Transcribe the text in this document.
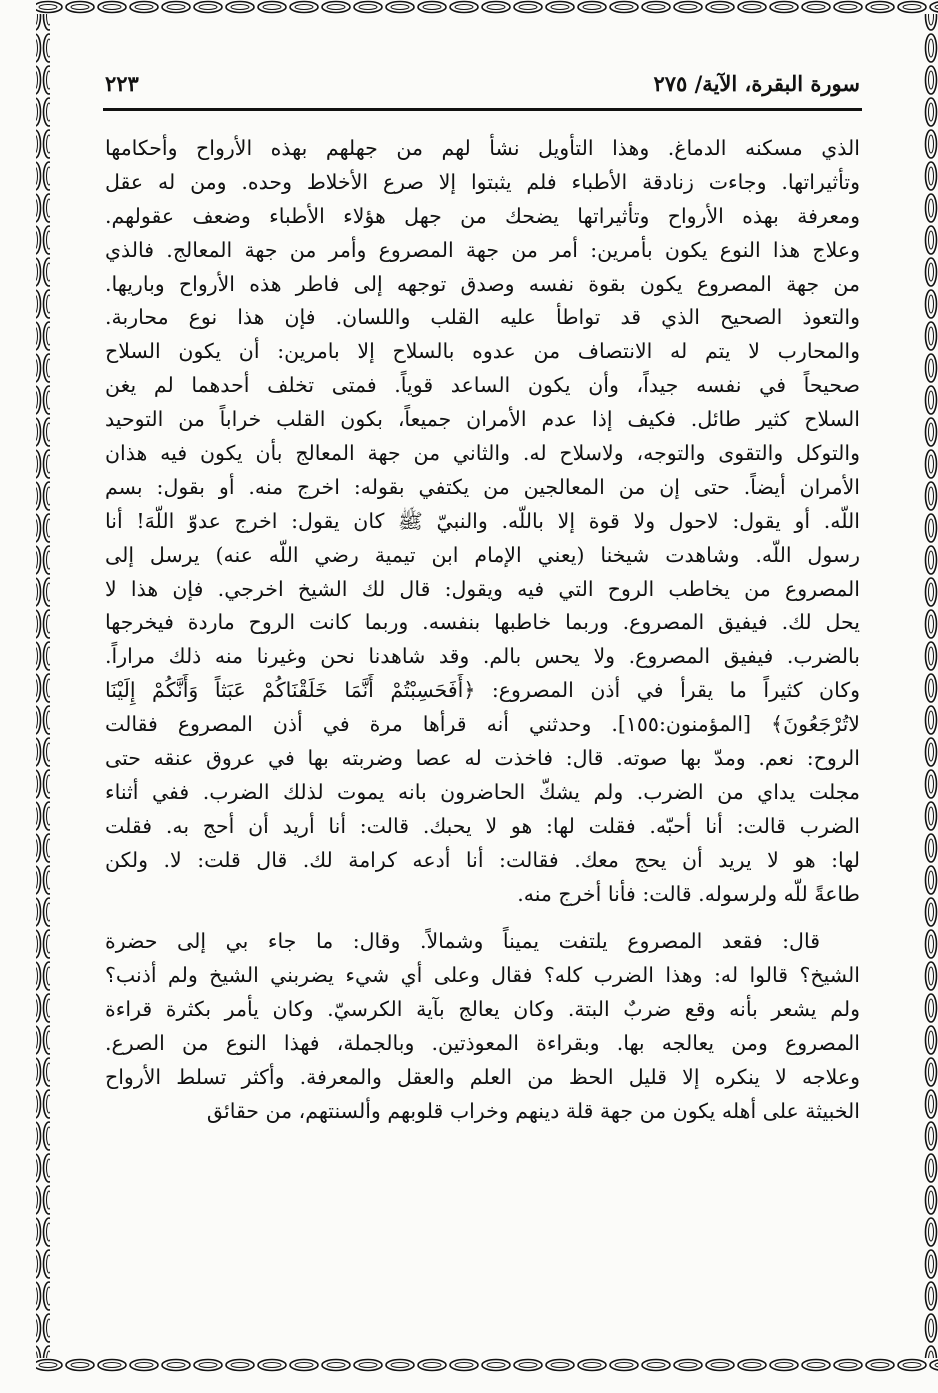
سورة البقرة، الآية/ ٢٧٥
٢٢٣
الذي مسكنه الدماغ. وهذا التأويل نشأ لهم من جهلهم بهذه الأرواح وأحكامها
وتأثيراتها. وجاءت زنادقة الأطباء فلم يثبتوا إلا صرع الأخلاط وحده. ومن له عقل
ومعرفة بهذه الأرواح وتأثيراتها يضحك من جهل هؤلاء الأطباء وضعف عقولهم.
وعلاج هذا النوع يكون بأمرين: أمر من جهة المصروع وأمر من جهة المعالج. فالذي
من جهة المصروع يكون بقوة نفسه وصدق توجهه إلى فاطر هذه الأرواح وباريها.
والتعوذ الصحيح الذي قد تواطأ عليه القلب واللسان. فإن هذا نوع محاربة.
والمحارب لا يتم له الانتصاف من عدوه بالسلاح إلا بامرين: أن يكون السلاح
صحيحاً في نفسه جيداً، وأن يكون الساعد قوياً. فمتى تخلف أحدهما لم يغن
السلاح كثير طائل. فكيف إذا عدم الأمران جميعاً، بكون القلب خراباً من التوحيد
والتوكل والتقوى والتوجه، ولاسلاح له. والثاني من جهة المعالج بأن يكون فيه هذان
الأمران أيضاً. حتى إن من المعالجين من يكتفي بقوله: اخرج منه. أو بقول: بسم
اللّه. أو يقول: لاحول ولا قوة إلا باللّه. والنبيّ ﷺ كان يقول: اخرج عدوّ اللّهَ! أنا
رسول اللّه. وشاهدت شيخنا (يعني الإمام ابن تيمية رضي اللّه عنه) يرسل إلى
المصروع من يخاطب الروح التي فيه ويقول: قال لك الشيخ اخرجي. فإن هذا لا
يحل لك. فيفيق المصروع. وربما خاطبها بنفسه. وربما كانت الروح ماردة فيخرجها
بالضرب. فيفيق المصروع. ولا يحس بالم. وقد شاهدنا نحن وغيرنا منه ذلك مراراً.
وكان كثيراً ما يقرأ في أذن المصروع: ﴿أَفَحَسِبْتُمْ أَنَّمَا خَلَقْنَاكُمْ عَبَثاً وَأَنَّكُمْ إِلَيْنَا
لاتُرْجَعُونَ﴾ [المؤمنون:١٥٥]. وحدثني أنه قرأها مرة في أذن المصروع فقالت
الروح: نعم. ومدّ بها صوته. قال: فاخذت له عصا وضربته بها في عروق عنقه حتى
مجلت يداي من الضرب. ولم يشكّ الحاضرون بانه يموت لذلك الضرب. ففي أثناء
الضرب قالت: أنا أحبّه. فقلت لها: هو لا يحبك. قالت: أنا أريد أن أحج به. فقلت
لها: هو لا يريد أن يحج معك. فقالت: أنا أدعه كرامة لك. قال قلت: لا. ولكن
طاعةً للّه ولرسوله. قالت: فأنا أخرج منه.
قال: فقعد المصروع يلتفت يميناً وشمالاً. وقال: ما جاء بي إلى حضرة
الشيخ؟ قالوا له: وهذا الضرب كله؟ فقال وعلى أي شيء يضربني الشيخ ولم أذنب؟
ولم يشعر بأنه وقع ضربٌ البتة. وكان يعالج بآية الكرسيّ. وكان يأمر بكثرة قراءة
المصروع ومن يعالجه بها. وبقراءة المعوذتين. وبالجملة، فهذا النوع من الصرع.
وعلاجه لا ينكره إلا قليل الحظ من العلم والعقل والمعرفة. وأكثر تسلط الأرواح
الخبيثة على أهله يكون من جهة قلة دينهم وخراب قلوبهم وألسنتهم، من حقائق
